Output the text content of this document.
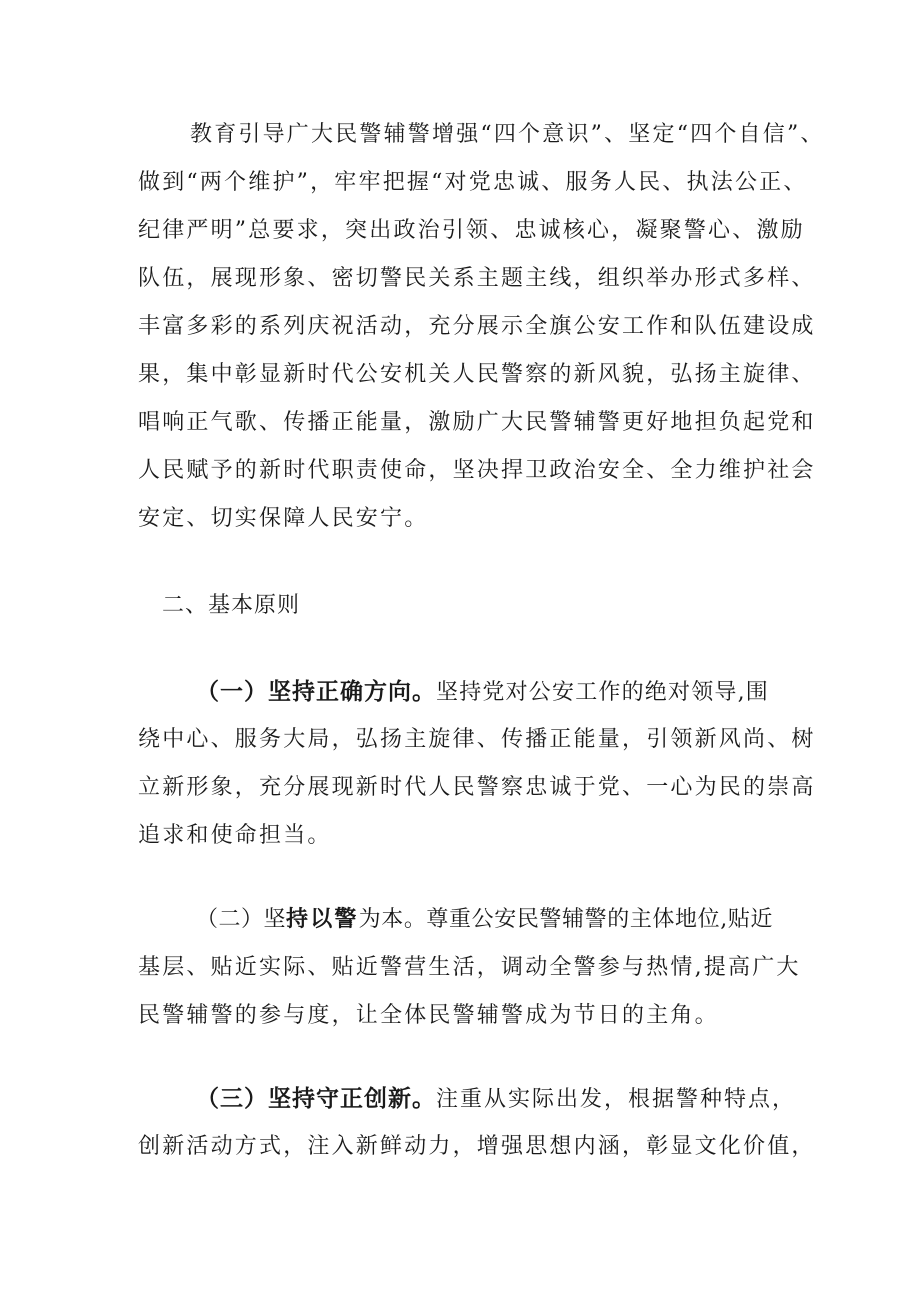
教育引导广大民警辅警增强“四个意识”、坚定“四个自信”、
做到“两个维护”，牢牢把握“对党忠诚、服务人民、执法公正、
纪律严明”总要求，突出政治引领、忠诚核心，凝聚警心、激励
队伍，展现形象、密切警民关系主题主线，组织举办形式多样、
丰富多彩的系列庆祝活动，充分展示全旗公安工作和队伍建设成
果，集中彰显新时代公安机关人民警察的新风貌，弘扬主旋律、
唱响正气歌、传播正能量，激励广大民警辅警更好地担负起党和
人民赋予的新时代职责使命，坚决捍卫政治安全、全力维护社会
安定、切实保障人民安宁。
二、基本原则
（一）坚持正确方向。坚持党对公安工作的绝对领导,围
绕中心、服务大局，弘扬主旋律、传播正能量，引领新风尚、树
立新形象，充分展现新时代人民警察忠诚于党、一心为民的崇高
追求和使命担当。
（二）坚持以警为本。尊重公安民警辅警的主体地位,贴近
基层、贴近实际、贴近警营生活，调动全警参与热情,提高广大
民警辅警的参与度，让全体民警辅警成为节日的主角。
（三）坚持守正创新。注重从实际出发，根据警种特点，
创新活动方式，注入新鲜动力，增强思想内涵，彰显文化价值，
